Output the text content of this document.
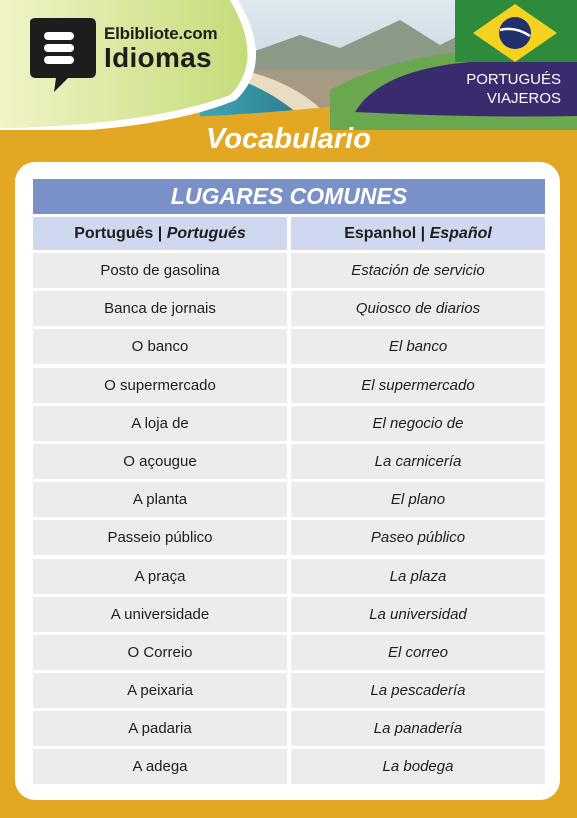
Elbibliote.com
Idiomas
PORTUGUÉS
VIAJEROS
Vocabulario
LUGARES COMUNES
Português | Portugués	Espanhol | Español
Posto de gasolina	Estación de servicio
Banca de jornais	Quiosco de diarios
O banco	El banco
O supermercado	El supermercado
A loja de	El negocio de
O açougue	La carnicería
A planta	El plano
Passeio público	Paseo público
A praça	La plaza
A universidade	La universidad
O Correio	El correo
A peixaria	La pescadería
A padaria	La panadería
A adega	La bodega
